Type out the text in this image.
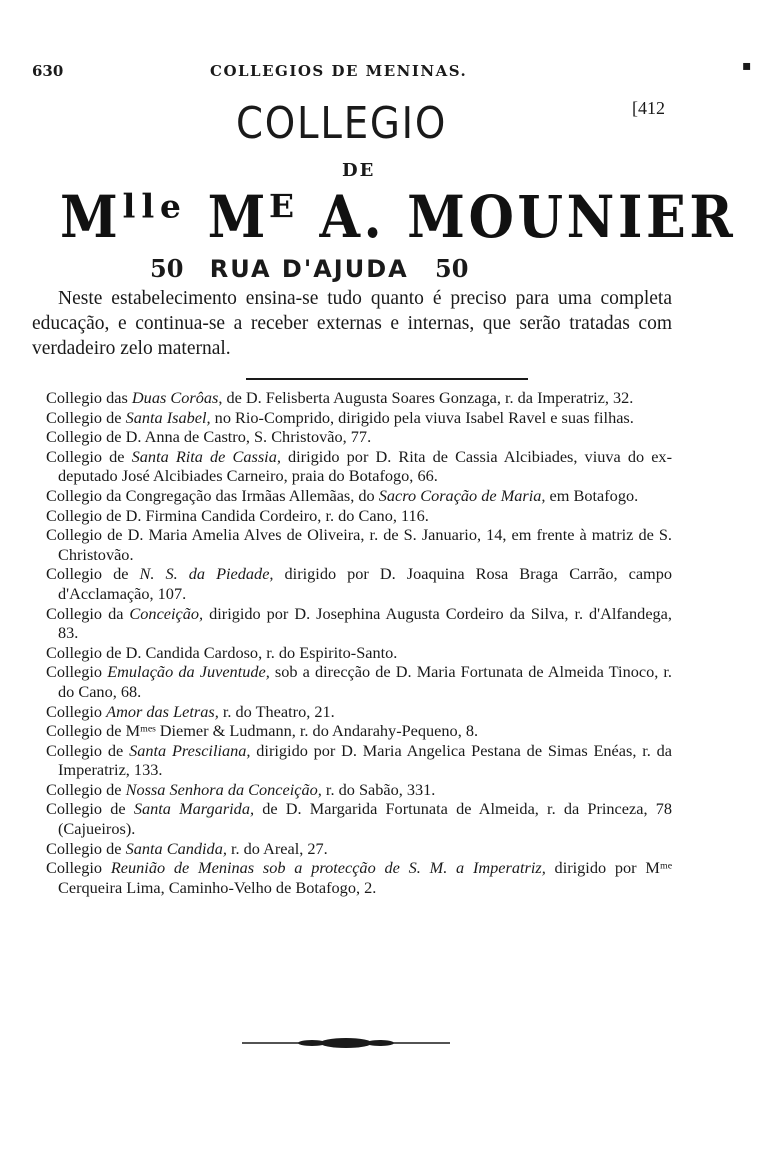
630	COLLEGIOS DE MENINAS.	▪
COLLEGIO	[412
DE
Mˡˡᵉ Mᴱ A. MOUNIER
50 RUA D'AJUDA 50
Neste estabelecimento ensina-se tudo quanto é preciso para uma completa educação, e continua-se a receber externas e internas, que serão tratadas com verdadeiro zelo maternal.
Collegio das Duas Corôas, de D. Felisberta Augusta Soares Gonzaga, r. da Imperatriz, 32.
Collegio de Santa Isabel, no Rio-Comprido, dirigido pela viuva Isabel Ravel e suas filhas.
Collegio de D. Anna de Castro, S. Christovão, 77.
Collegio de Santa Rita de Cassia, dirigido por D. Rita de Cassia Alcibiades, viuva do ex-deputado José Alcibiades Carneiro, praia do Botafogo, 66.
Collegio da Congregação das Irmãas Allemãas, do Sacro Coração de Maria, em Botafogo.
Collegio de D. Firmina Candida Cordeiro, r. do Cano, 116.
Collegio de D. Maria Amelia Alves de Oliveira, r. de S. Januario, 14, em frente à matriz de S. Christovão.
Collegio de N. S. da Piedade, dirigido por D. Joaquina Rosa Braga Carrão, campo d'Acclamação, 107.
Collegio da Conceição, dirigido por D. Josephina Augusta Cordeiro da Silva, r. d'Alfandega, 83.
Collegio de D. Candida Cardoso, r. do Espirito-Santo.
Collegio Emulação da Juventude, sob a direcção de D. Maria Fortunata de Almeida Tinoco, r. do Cano, 68.
Collegio Amor das Letras, r. do Theatro, 21.
Collegio de Mᵐᵉˢ Diemer & Ludmann, r. do Andarahy-Pequeno, 8.
Collegio de Santa Presciliana, dirigido por D. Maria Angelica Pestana de Simas Enéas, r. da Imperatriz, 133.
Collegio de Nossa Senhora da Conceição, r. do Sabão, 331.
Collegio de Santa Margarida, de D. Margarida Fortunata de Almeida, r. da Princeza, 78 (Cajueiros).
Collegio de Santa Candida, r. do Areal, 27.
Collegio Reunião de Meninas sob a protecção de S. M. a Imperatriz, dirigido por Mᵐᵉ Cerqueira Lima, Caminho-Velho de Botafogo, 2.
